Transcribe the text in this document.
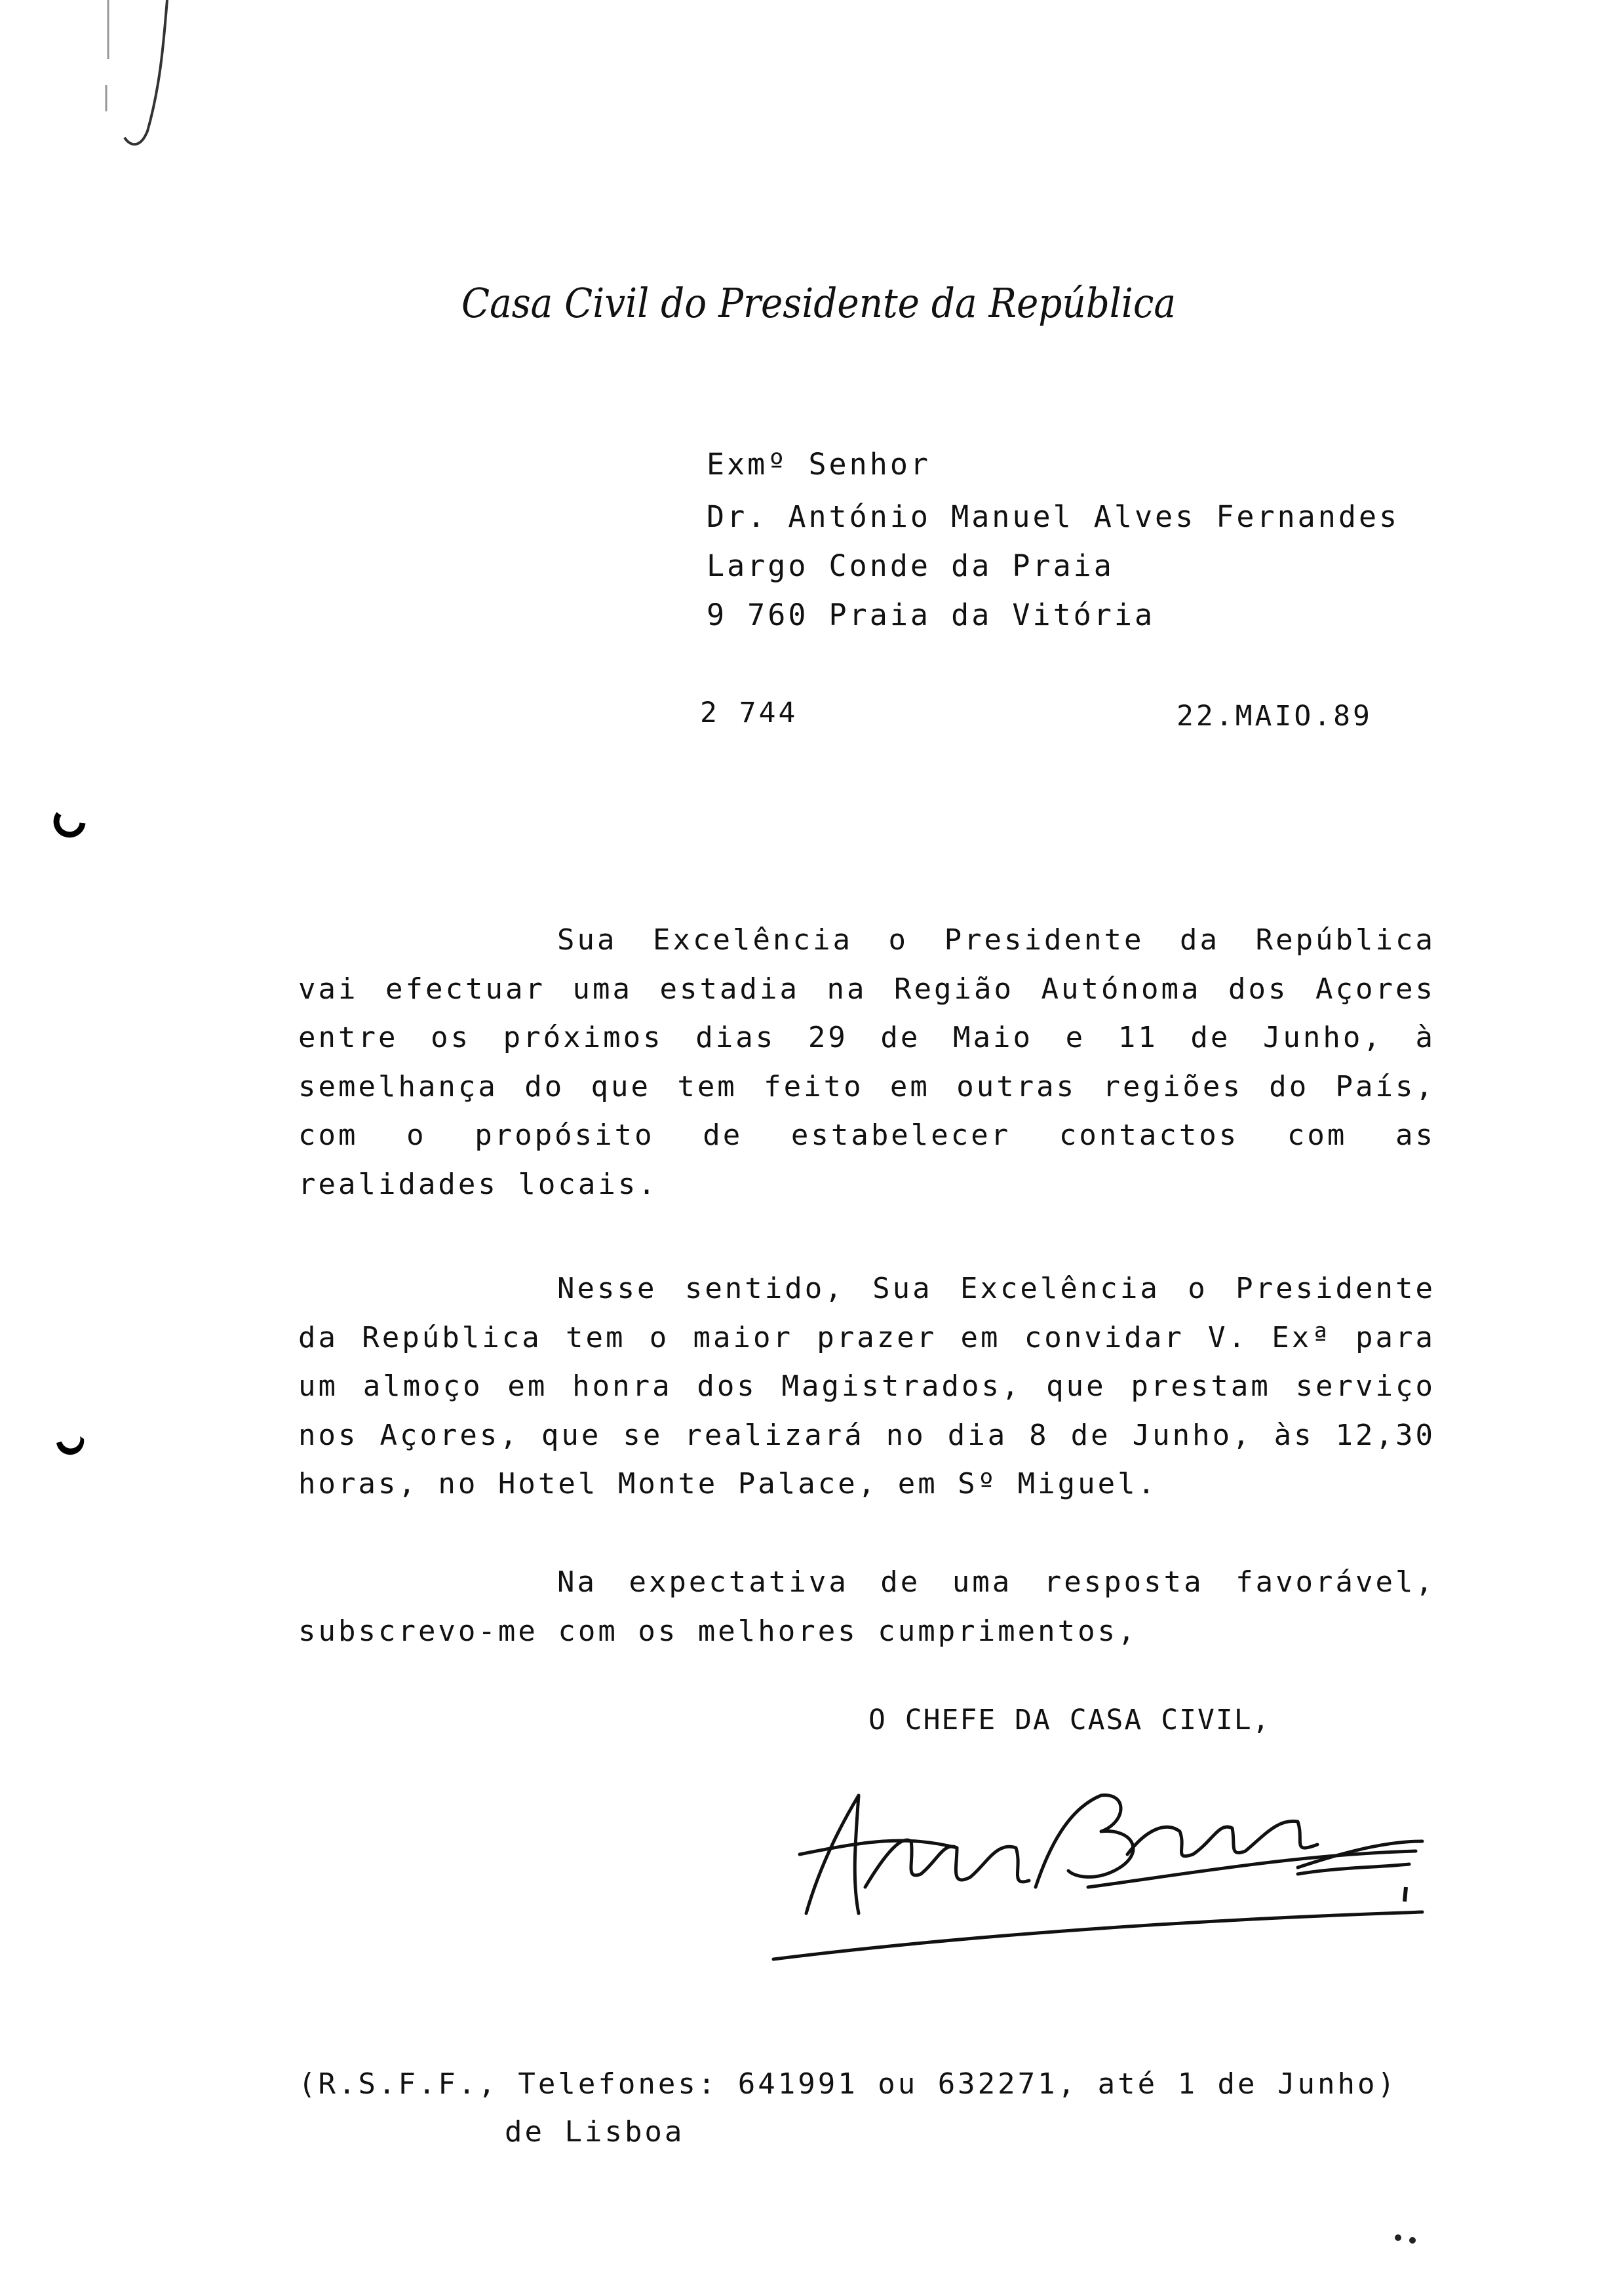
Casa Civil do Presidente da República
Exmº Senhor
Dr. António Manuel Alves Fernandes
Largo Conde da Praia
9 760 Praia da Vitória
2 744	22.MAIO.89

Sua Excelência o Presidente da República vai efectuar uma estadia na Região Autónoma dos Açores entre os próximos dias 29 de Maio e 11 de Junho, à semelhança do que tem feito em outras regiões do País, com o propósito de estabelecer contactos com as realidades locais.

Nesse sentido, Sua Excelência o Presidente da República tem o maior prazer em convidar V. Exª para um almoço em honra dos Magistrados, que prestam serviço nos Açores, que se realizará no dia 8 de Junho, às 12,30 horas, no Hotel Monte Palace, em Sº Miguel.

Na expectativa de uma resposta favorável, subscrevo-me com os melhores cumprimentos,

O CHEFE DA CASA CIVIL,
(R.S.F.F., Telefones: 641991 ou 632271, até 1 de Junho)
de Lisboa
